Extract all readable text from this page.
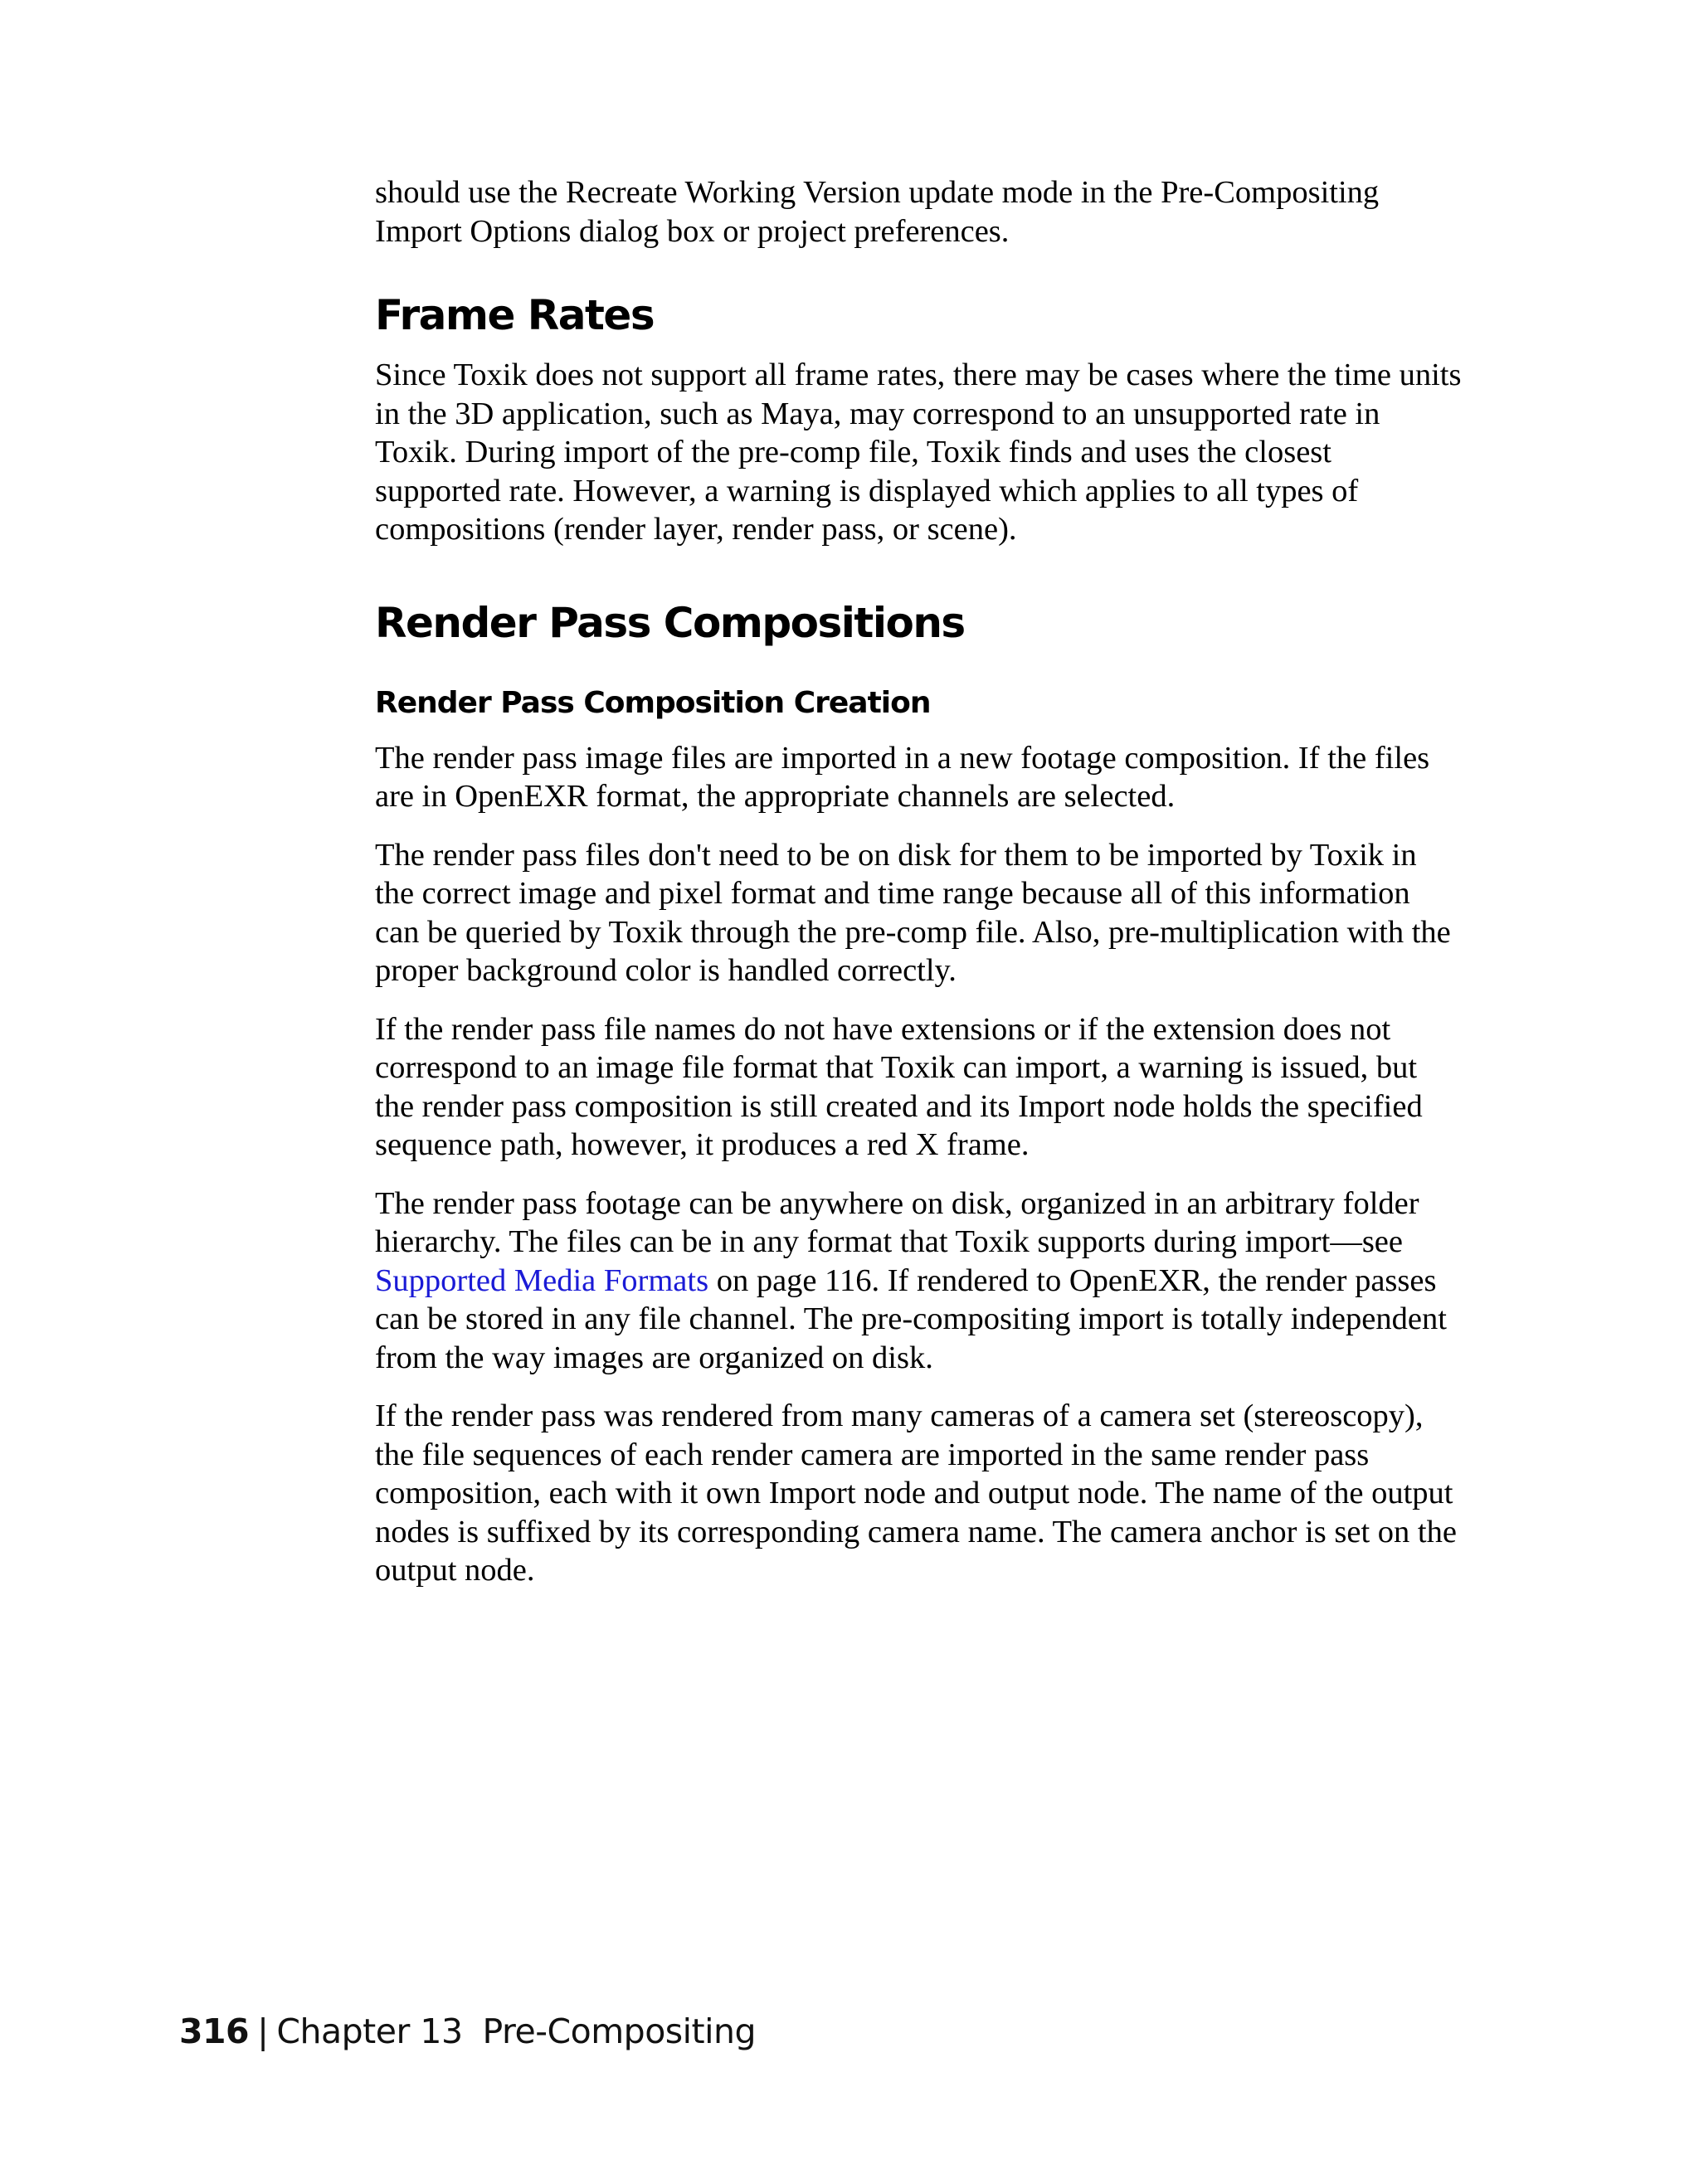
should use the Recreate Working Version update mode in the Pre-Compositing Import Options dialog box or project preferences.

Frame Rates

Since Toxik does not support all frame rates, there may be cases where the time units in the 3D application, such as Maya, may correspond to an unsupported rate in Toxik. During import of the pre-comp file, Toxik finds and uses the closest supported rate. However, a warning is displayed which applies to all types of compositions (render layer, render pass, or scene).

Render Pass Compositions
Render Pass Composition Creation

The render pass image files are imported in a new footage composition. If the files are in OpenEXR format, the appropriate channels are selected.

The render pass files don't need to be on disk for them to be imported by Toxik in the correct image and pixel format and time range because all of this information can be queried by Toxik through the pre-comp file. Also, pre-multiplication with the proper background color is handled correctly.

If the render pass file names do not have extensions or if the extension does not correspond to an image file format that Toxik can import, a warning is issued, but the render pass composition is still created and its Import node holds the specified sequence path, however, it produces a red X frame.

The render pass footage can be anywhere on disk, organized in an arbitrary folder hierarchy. The files can be in any format that Toxik supports during import—see Supported Media Formats on page 116. If rendered to OpenEXR, the render passes can be stored in any file channel. The pre-compositing import is totally independent from the way images are organized on disk.

If the render pass was rendered from many cameras of a camera set (stereoscopy), the file sequences of each render camera are imported in the same render pass composition, each with it own Import node and output node. The name of the output nodes is suffixed by its corresponding camera name. The camera anchor is set on the output node.

316 | Chapter 13 Pre-Compositing
